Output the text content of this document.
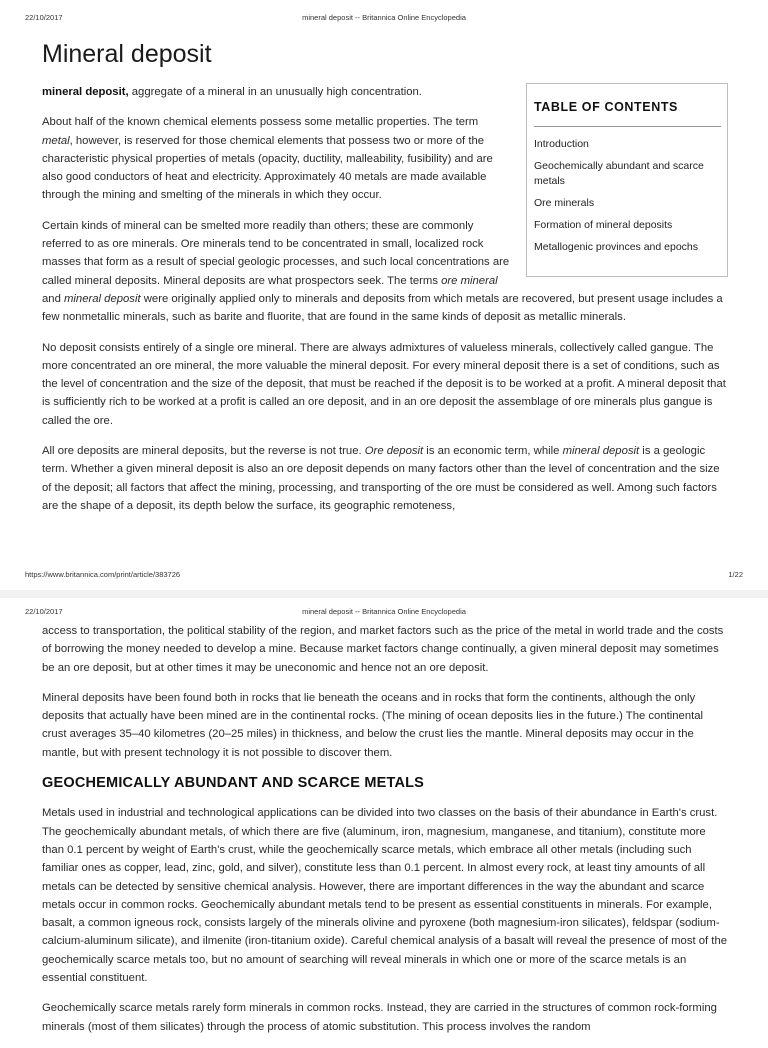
22/10/2017	mineral deposit -- Britannica Online Encyclopedia
Mineral deposit
TABLE OF CONTENTS
Introduction
Geochemically abundant and scarce metals
Ore minerals
Formation of mineral deposits
Metallogenic provinces and epochs

mineral deposit, aggregate of a mineral in an unusually high concentration.

About half of the known chemical elements possess some metallic properties. The term metal, however, is reserved for those chemical elements that possess two or more of the characteristic physical properties of metals (opacity, ductility, malleability, fusibility) and are also good conductors of heat and electricity. Approximately 40 metals are made available through the mining and smelting of the minerals in which they occur.

Certain kinds of mineral can be smelted more readily than others; these are commonly referred to as ore minerals. Ore minerals tend to be concentrated in small, localized rock masses that form as a result of special geologic processes, and such local concentrations are called mineral deposits. Mineral deposits are what prospectors seek. The terms ore mineral and mineral deposit were originally applied only to minerals and deposits from which metals are recovered, but present usage includes a few nonmetallic minerals, such as barite and fluorite, that are found in the same kinds of deposit as metallic minerals.

No deposit consists entirely of a single ore mineral. There are always admixtures of valueless minerals, collectively called gangue. The more concentrated an ore mineral, the more valuable the mineral deposit. For every mineral deposit there is a set of conditions, such as the level of concentration and the size of the deposit, that must be reached if the deposit is to be worked at a profit. A mineral deposit that is sufficiently rich to be worked at a profit is called an ore deposit, and in an ore deposit the assemblage of ore minerals plus gangue is called the ore.

All ore deposits are mineral deposits, but the reverse is not true. Ore deposit is an economic term, while mineral deposit is a geologic term. Whether a given mineral deposit is also an ore deposit depends on many factors other than the level of concentration and the size of the deposit; all factors that affect the mining, processing, and transporting of the ore must be considered as well. Among such factors are the shape of a deposit, its depth below the surface, its geographic remoteness,

https://www.britannica.com/print/article/383726	1/22
22/10/2017	mineral deposit -- Britannica Online Encyclopedia

access to transportation, the political stability of the region, and market factors such as the price of the metal in world trade and the costs of borrowing the money needed to develop a mine. Because market factors change continually, a given mineral deposit may sometimes be an ore deposit, but at other times it may be uneconomic and hence not an ore deposit.

Mineral deposits have been found both in rocks that lie beneath the oceans and in rocks that form the continents, although the only deposits that actually have been mined are in the continental rocks. (The mining of ocean deposits lies in the future.) The continental crust averages 35–40 kilometres (20–25 miles) in thickness, and below the crust lies the mantle. Mineral deposits may occur in the mantle, but with present technology it is not possible to discover them.

GEOCHEMICALLY ABUNDANT AND SCARCE METALS

Metals used in industrial and technological applications can be divided into two classes on the basis of their abundance in Earth's crust. The geochemically abundant metals, of which there are five (aluminum, iron, magnesium, manganese, and titanium), constitute more than 0.1 percent by weight of Earth's crust, while the geochemically scarce metals, which embrace all other metals (including such familiar ones as copper, lead, zinc, gold, and silver), constitute less than 0.1 percent. In almost every rock, at least tiny amounts of all metals can be detected by sensitive chemical analysis. However, there are important differences in the way the abundant and scarce metals occur in common rocks. Geochemically abundant metals tend to be present as essential constituents in minerals. For example, basalt, a common igneous rock, consists largely of the minerals olivine and pyroxene (both magnesium-iron silicates), feldspar (sodium-calcium-aluminum silicate), and ilmenite (iron-titanium oxide). Careful chemical analysis of a basalt will reveal the presence of most of the geochemically scarce metals too, but no amount of searching will reveal minerals in which one or more of the scarce metals is an essential constituent.

Geochemically scarce metals rarely form minerals in common rocks. Instead, they are carried in the structures of common rock-forming minerals (most of them silicates) through the process of atomic substitution. This process involves the random
